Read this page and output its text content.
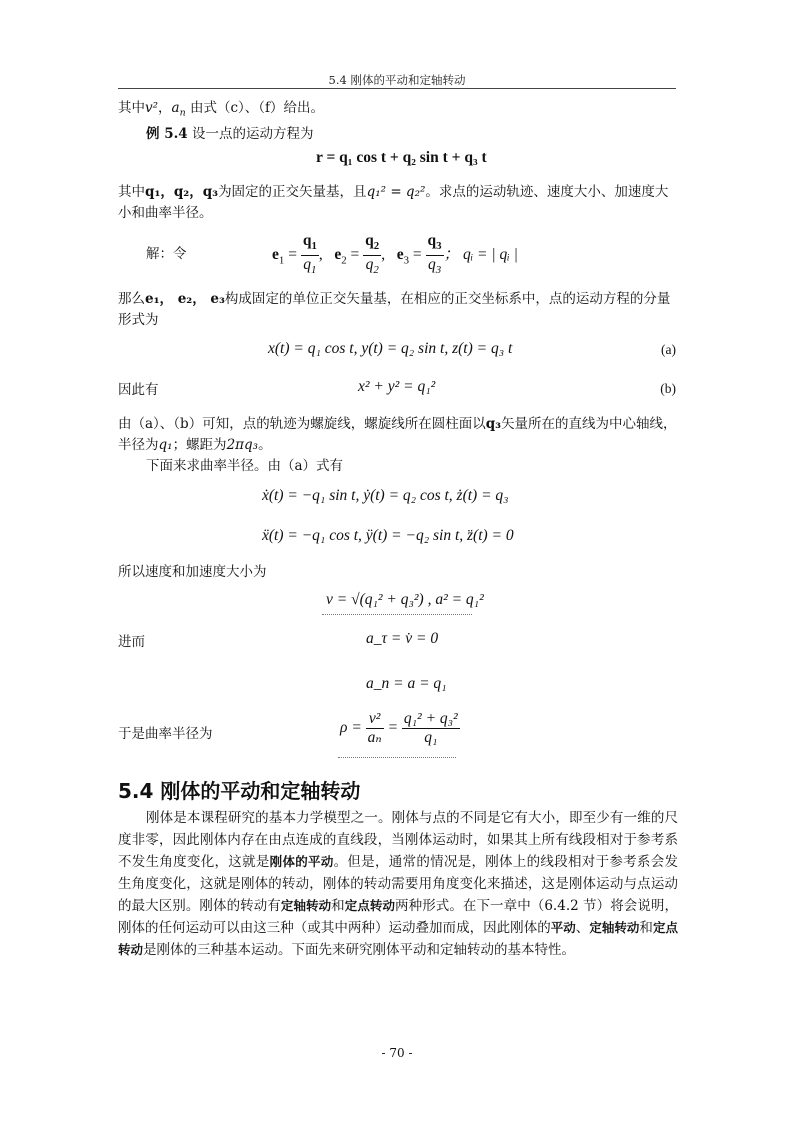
5.4 刚体的平动和定轴转动

其中v²，$a_n$ 由式（c）、（f）给出。

例 5.4 设一点的运动方程为

r = q₁ cos t + q₂ sin t + q₃ t

其中q₁，q₂，q₃为固定的正交矢量基，且q₁² = q₂²。求点的运动轨迹、速度大小、加速度大小和曲率半径。

解：令	$e_1 = \frac{q_1}{q_1}$ ,   $e_2 = \frac{q_2}{q_2}$ ,   $e_3 = \frac{q_3}{q_3}$ ； qᵢ = | qᵢ |

那么e₁， e₂， e₃构成固定的单位正交矢量基，在相应的正交坐标系中，点的运动方程的分量形式为

x(t) = q₁ cos t, y(t) = q₂ sin t, z(t) = q₃ t	(a)

因此有	x² + y² = q₁²	(b)

由（a）、（b）可知，点的轨迹为螺旋线，螺旋线所在圆柱面以q₃矢量所在的直线为中心轴线，半径为q₁；螺距为2πq₃。

下面来求曲率半径。由（a）式有

ẋ(t) = −q₁ sin t, ẏ(t) = q₂ cos t, ż(t) = q₃
ẍ(t) = −q₁ cos t, ÿ(t) = −q₂ sin t, z̈(t) = 0

所以速度和加速度大小为

v = √(q₁² + q₃²) , a² = q₁²

进而	a_τ = v̇ = 0
a_n = a = q₁

于是曲率半径为	$\rho = \frac{\text{v²}}{\text{aₙ}} = \frac{\text{q₁² + q₃²}}{\text{q₁}}$
5.4 刚体的平动和定轴转动
刚体是本课程研究的基本力学模型之一。刚体与点的不同是它有大小，即至少有一维的尺度非零，因此刚体内存在由点连成的直线段，当刚体运动时，如果其上所有线段相对于参考系不发生角度变化，这就是刚体的平动。但是，通常的情况是，刚体上的线段相对于参考系会发生角度变化，这就是刚体的转动，刚体的转动需要用角度变化来描述，这是刚体运动与点运动的最大区别。刚体的转动有定轴转动和定点转动两种形式。在下一章中（6.4.2 节）将会说明，刚体的任何运动可以由这三种（或其中两种）运动叠加而成，因此刚体的平动、定轴转动和定点转动是刚体的三种基本运动。下面先来研究刚体平动和定轴转动的基本特性。
- 70 -
